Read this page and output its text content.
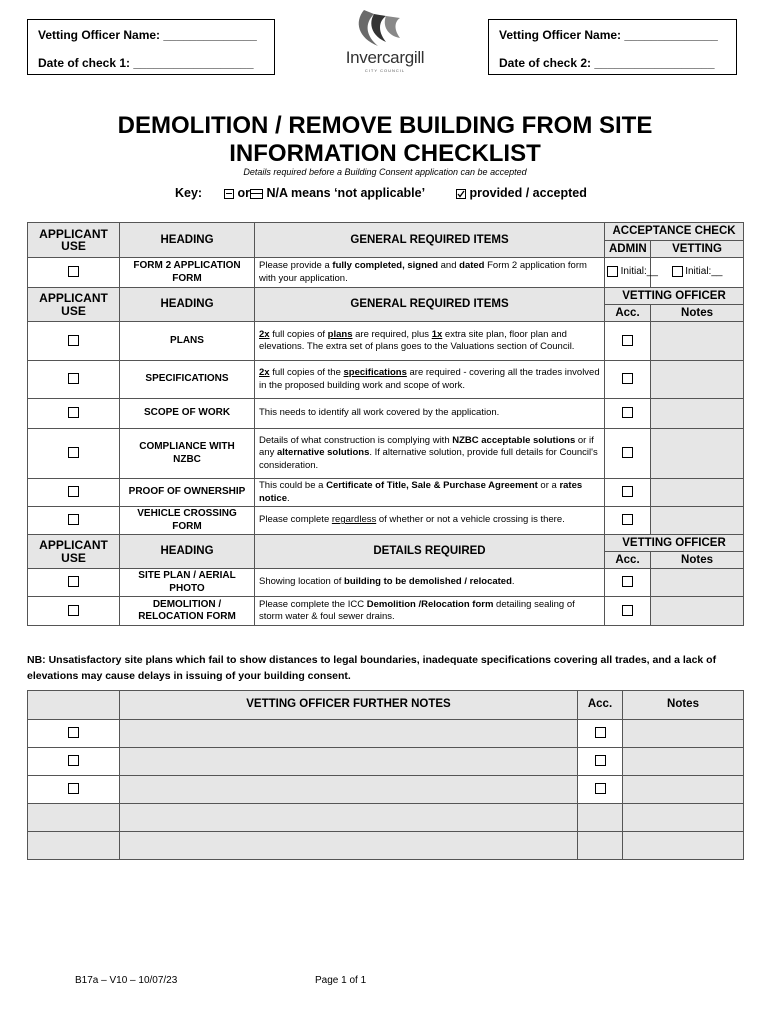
Vetting Officer Name: ______________
Date of check 1: __________________	Invercargill
CITY COUNCIL
Vetting Officer Name: ______________
Date of check 2: __________________
DEMOLITION / REMOVE BUILDING FROM SITE
INFORMATION CHECKLIST
Details required before a Building Consent application can be accepted
Key:	or☒ N/A means ‘not applicable’	provided / accepted
APPLICANT USE	HEADING	GENERAL REQUIRED ITEMS	ACCEPTANCE CHECK	
			ADMIN	VETTING
	FORM 2 APPLICATION FORM	Please provide a fully completed, signed and dated Form 2 application form with your application.	Initial:__	Initial:__
APPLICANT USE	HEADING	GENERAL REQUIRED ITEMS	VETTING OFFICER	
			Acc.	Notes
	PLANS	2x full copies of plans are required, plus 1x extra site plan, floor plan and elevations. The extra set of plans goes to the Valuations section of Council.		
	SPECIFICATIONS	2x full copies of the specifications are required - covering all the trades involved in the proposed building work and scope of work.		
	SCOPE OF WORK	This needs to identify all work covered by the application.		
	COMPLIANCE WITH NZBC	Details of what construction is complying with NZBC acceptable solutions or if any alternative solutions. If alternative solution, provide full details for Council's consideration.		
	PROOF OF OWNERSHIP	This could be a Certificate of Title, Sale & Purchase Agreement or a rates notice.		
	VEHICLE CROSSING FORM	Please complete regardless of whether or not a vehicle crossing is there.		
APPLICANT USE	HEADING	DETAILS REQUIRED	VETTING OFFICER	
			Acc.	Notes
	SITE PLAN / AERIAL PHOTO	Showing location of building to be demolished / relocated.		
	DEMOLITION / RELOCATION FORM	Please complete the ICC Demolition /Relocation form detailing sealing of storm water & foul sewer drains.		
NB: Unsatisfactory site plans which fail to show distances to legal boundaries, inadequate specifications covering all trades, and a lack of elevations may cause delays in issuing of your building consent.
	VETTING OFFICER FURTHER NOTES	Acc.	Notes

B17a – V10 – 10/07/23	Page 1 of 1
